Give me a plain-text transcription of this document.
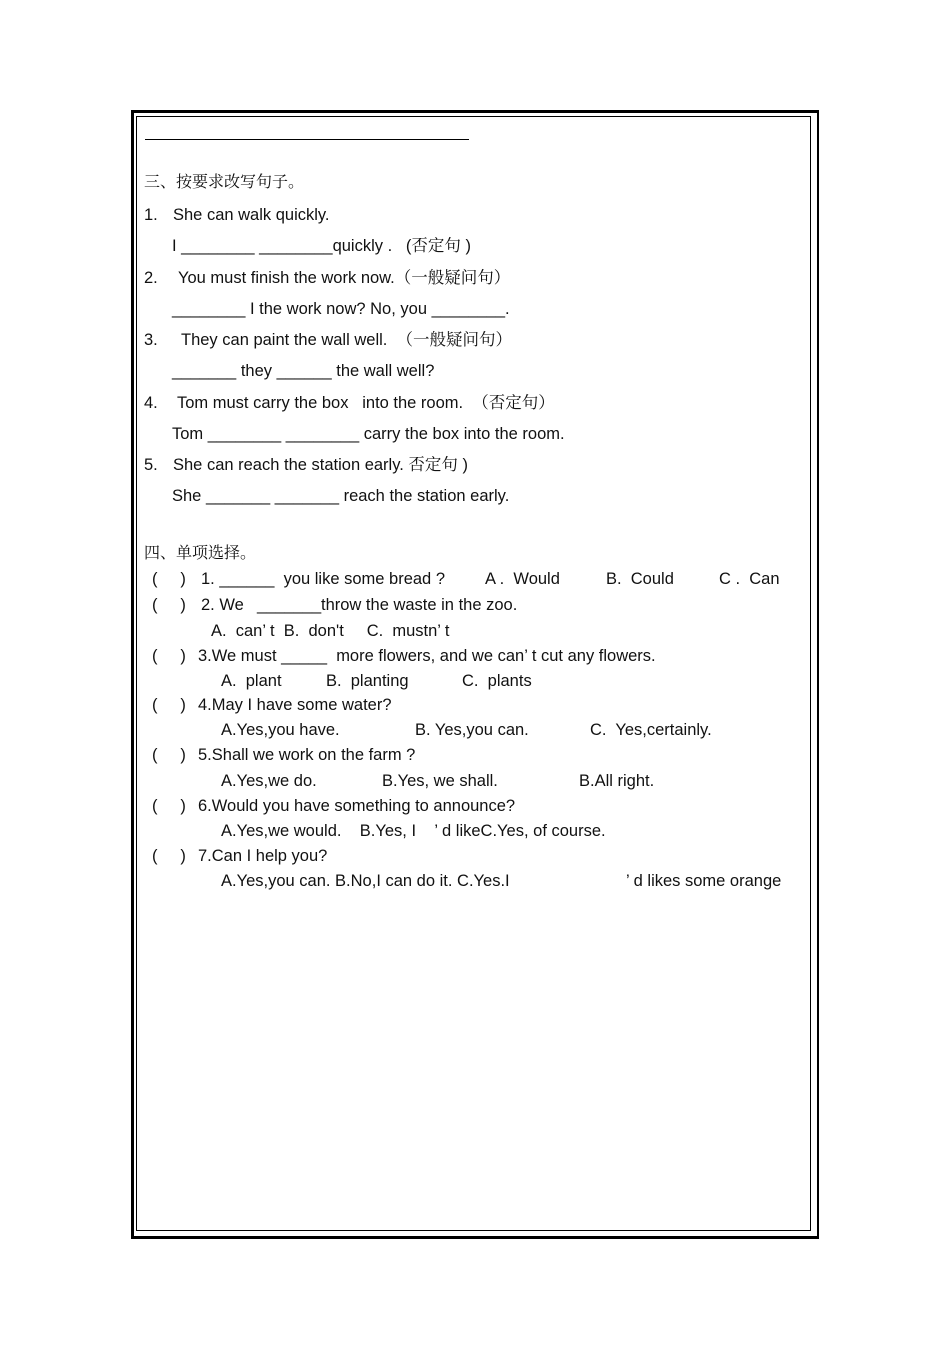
三、按要求改写句子。
1. She can walk quickly.
I ________ ________quickly .   (否定句 )
2. You must finish the work now.（一般疑问句）
________ I the work now? No, you ________.
3. They can paint the wall well.  （一般疑问句）
_______ they ______ the wall well?
4. Tom must carry the box   into the room.  （否定句）
Tom ________ ________ carry the box into the room.
5. She can reach the station early. 否定句 )
She _______ _______ reach the station early.
四、单项选择。
(     ) 1. ______  you like some bread ? A .  Would	B.  Could	C .  Can
(     ) 2. We _______ throw the waste in the zoo.
A.  can’ t  B.  don't     C.  mustn’ t
(     ) 3.We must _____  more flowers, and we can’ t cut any flowers.
A.  plant	B.  planting	C.  plants
(     ) 4.May I have some water?
A.Yes,you have.	B. Yes,you can.	C.  Yes,certainly.
(     ) 5.Shall we work on the farm ?
A.Yes,we do.	B.Yes, we shall.	B.All right.
(     ) 6.Would you have something to announce?
A.Yes,we would.    B.Yes, I    ’ d likeC.Yes, of course.
(     ) 7.Can I help you?
A.Yes,you can. B.No,I can do it. C.Yes.I	’ d likes some orange
